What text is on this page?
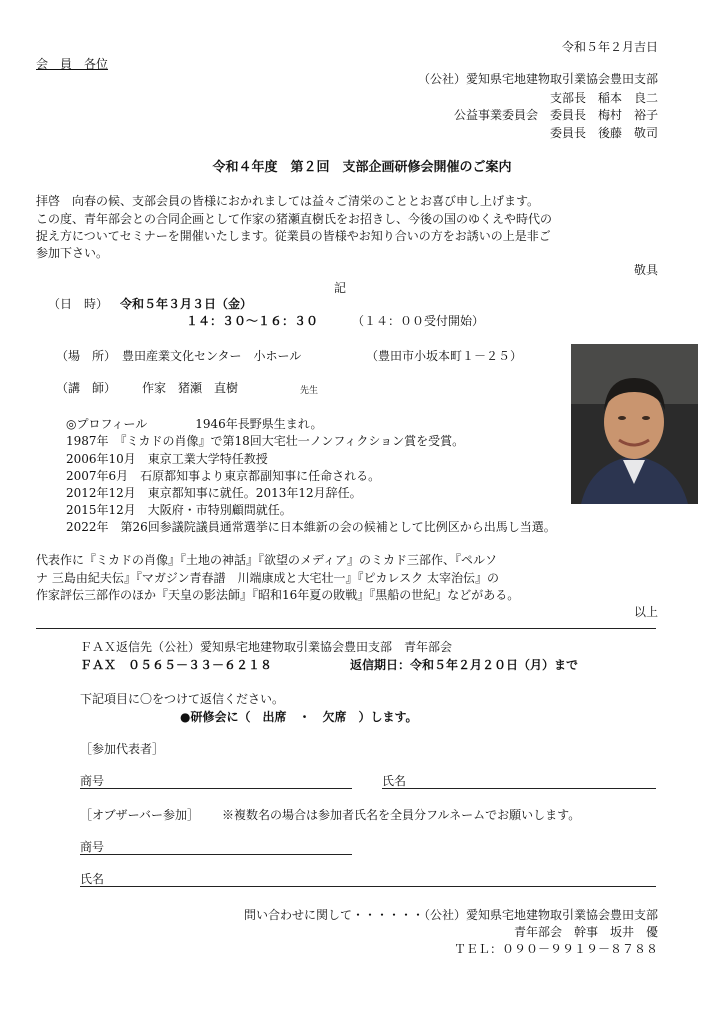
令和５年２月吉日
会　員　各位
（公社）愛知県宅地建物取引業協会豊田支部
支部長　稲本　良二
公益事業委員会　委員長　梅村　裕子
委員長　後藤　敬司
令和４年度　第２回　支部企画研修会開催のご案内
拝啓　向春の候、支部会員の皆様におかれましては益々ご清栄のこととお喜び申し上げます。
この度、青年部会との合同企画として作家の猪瀬直樹氏をお招きし、今後の国のゆくえや時代の
捉え方についてセミナーを開催いたします。従業員の皆様やお知り合いの方をお誘いの上是非ご
参加下さい。
敬具
記
（日　時） 令和５年３月３日（金）
１４：３０〜１６：３０	（１４：００受付開始）
（場　所） 豊田産業文化センター　小ホール	（豊田市小坂本町１－２５）
（講　師） 作家　猪瀬　直樹	先生
◎プロフィール　　　　1946年長野県生まれ。
1987年　『ミカドの肖像』で第18回大宅壮一ノンフィクション賞を受賞。
2006年10月　東京工業大学特任教授
2007年6月　石原都知事より東京都副知事に任命される。
2012年12月　東京都知事に就任。2013年12月辞任。
2015年12月　大阪府・市特別顧問就任。
2022年　第26回参議院議員通常選挙に日本維新の会の候補として比例区から出馬し当選。
代表作に『ミカドの肖像』『土地の神話』『欲望のメディア』のミカド三部作、『ペルソ
ナ 三島由紀夫伝』『マガジン青春譜　川端康成と大宅壮一』『ピカレスク 太宰治伝』の
作家評伝三部作のほか『天皇の影法師』『昭和16年夏の敗戦』『黒船の世紀』などがある。
以上
ＦＡＸ返信先（公社）愛知県宅地建物取引業協会豊田支部　青年部会
ＦＡＸ　０５６５－３３－６２１８	返信期日：令和５年２月２０日（月）まで
下記項目に〇をつけて返信ください。
●研修会に（　出席　・　欠席　）します。
［参加代表者］
商号	氏名
［オブザーバー参加］ ※複数名の場合は参加者氏名を全員分フルネームでお願いします。
商号
氏名
問い合わせに関して・・・・・・（公社）愛知県宅地建物取引業協会豊田支部
青年部会　幹事　坂井　優
ＴＥＬ：０９０－９９１９－８７８８
